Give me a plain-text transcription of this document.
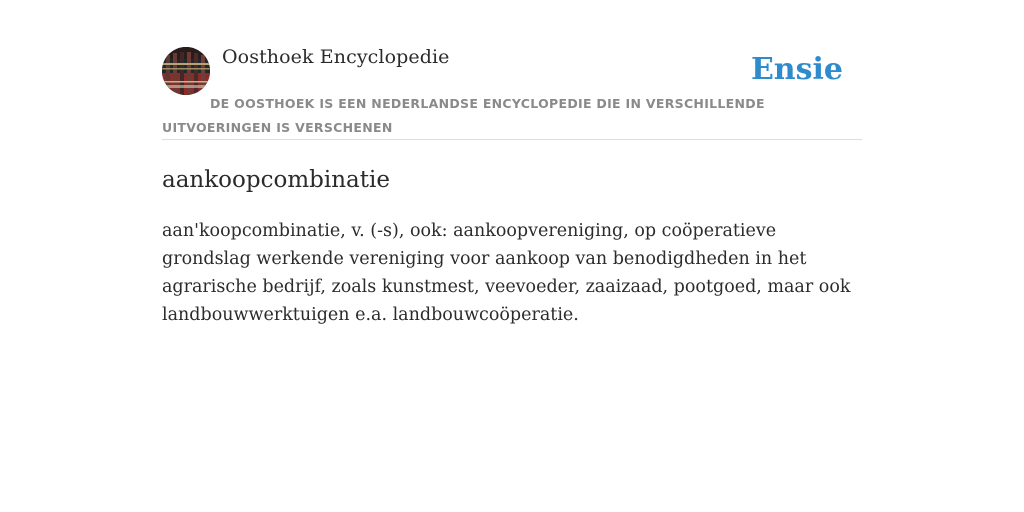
Oosthoek Encyclopedie	Ensie
DE OOSTHOEK IS EEN NEDERLANDSE ENCYCLOPEDIE DIE IN VERSCHILLENDE UITVOERINGEN IS VERSCHENEN
aankoopcombinatie

aan'koopcombinatie, v. (-s), ook: aankoopvereniging, op coöperatieve grondslag werkende vereniging voor aankoop van benodigdheden in het agrarische bedrijf, zoals kunstmest, veevoeder, zaaizaad, pootgoed, maar ook landbouwwerktuigen e.a. landbouwcoöperatie.
